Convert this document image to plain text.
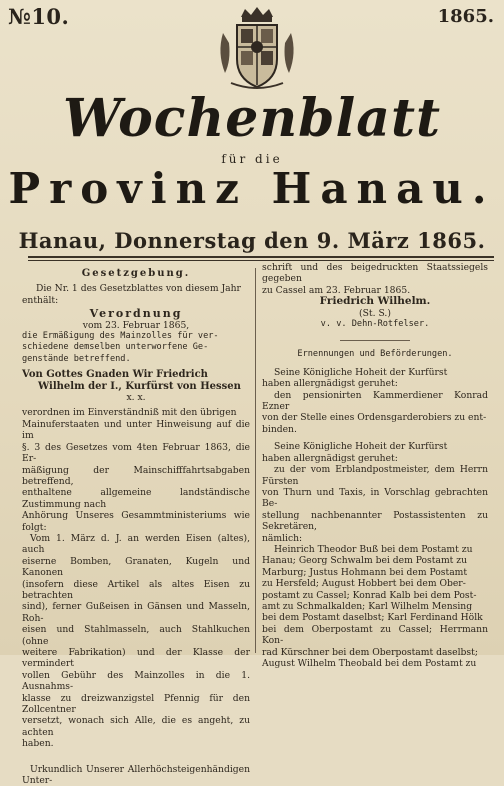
№10.	1865.
Wochenblatt
für die
Provinz Hanau.
Hanau, Donnerstag den 9. März 1865.

Gesetzgebung.

Die Nr. 1 des Gesetzblattes von diesem Jahr

enthält:

Verordnung

vom 23. Februar 1865,

die Ermäßigung des Mainzolles für ver-

schiedene demselben unterworfene Ge-

genstände betreffend.

Von Gottes Gnaden Wir Friedrich

Wilhelm der I., Kurfürst von Hessen

x. x.

verordnen im Einverständniß mit den übrigen

Mainuferstaaten und unter Hinweisung auf die im

§. 3 des Gesetzes vom 4ten Februar 1863, die Er-

mäßigung der Mainschifffahrtsabgaben betreffend,

enthaltene allgemeine landständische Zustimmung nach

Anhörung Unseres Gesammtministeriums wie folgt:

Vom 1. März d. J. an werden Eisen (altes), auch

eiserne Bomben, Granaten, Kugeln und Kanonen

(insofern diese Artikel als altes Eisen zu betrachten

sind), ferner Gußeisen in Gänsen und Masseln, Roh-

eisen und Stahlmasseln, auch Stahlkuchen (ohne

weitere Fabrikation) und der Klasse der vermindert

vollen Gebühr des Mainzolles in die 1. Ausnahms-

klasse zu dreizwanzigstel Pfennig für den Zollcentner

versetzt, wonach sich Alle, die es angeht, zu achten

haben.

Urkundlich Unserer Allerhöchsteigenhändigen Unter-

schrift und des beigedruckten Staatssiegels gegeben

zu Cassel am 23. Februar 1865.

Friedrich Wilhelm.

(St. S.)

v. v. Dehn-Rotfelser.

Ernennungen und Beförderungen.

Seine Königliche Hoheit der Kurfürst

haben allergnädigst geruhet:

den pensionirten Kammerdiener Konrad Ezner

von der Stelle eines Ordensgarderobiers zu ent-

binden.

Seine Königliche Hoheit der Kurfürst

haben allergnädigst geruhet:

zu der vom Erblandpostmeister, dem Herrn Fürsten

von Thurn und Taxis, in Vorschlag gebrachten Be-

stellung nachbenannter Postassistenten zu Sekretären,

nämlich:

Heinrich Theodor Buß bei dem Postamt zu

Hanau; Georg Schwalm bei dem Postamt zu

Marburg; Justus Hohmann bei dem Postamt

zu Hersfeld; August Hobbert bei dem Ober-

postamt zu Cassel; Konrad Kalb bei dem Post-

amt zu Schmalkalden; Karl Wilhelm Mensing

bei dem Postamt daselbst; Karl Ferdinand Hölk

bei dem Oberpostamt zu Cassel; Herrmann Kon-

rad Kürschner bei dem Oberpostamt daselbst;

August Wilhelm Theobald bei dem Postamt zu
